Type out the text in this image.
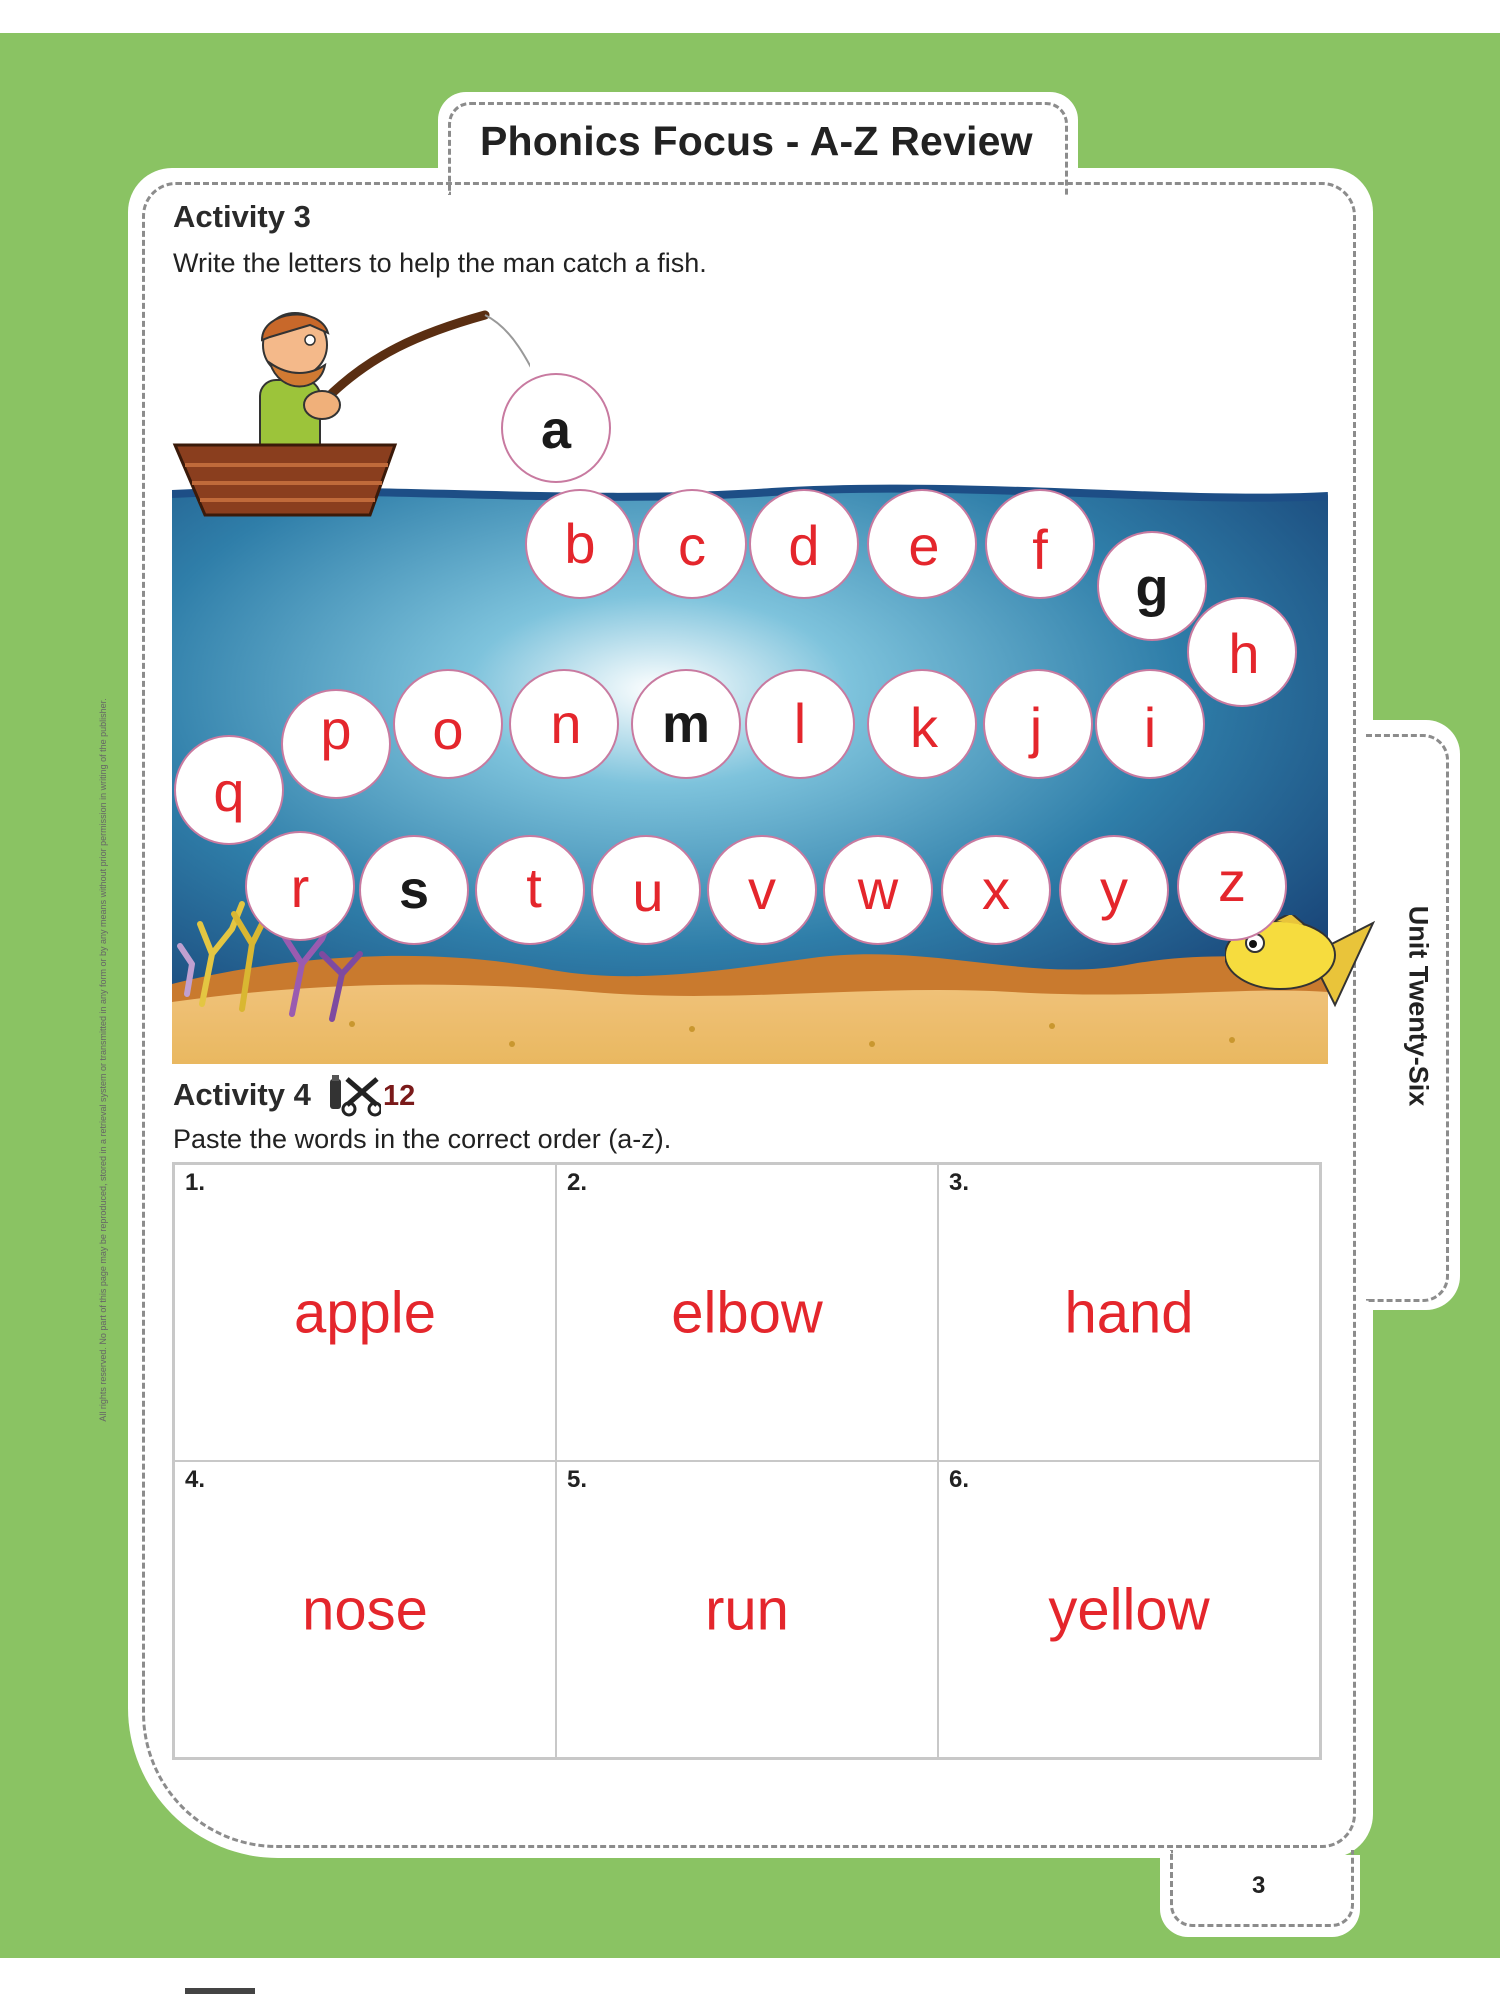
Phonics Focus - A-Z Review
Unit Twenty-Six
3
All rights reserved. No part of this page may be reproduced, stored in a retrieval system or transmitted in any form or by any means without prior permission in writing of the publisher.
Activity 3
Write the letters to help the man catch a fish.
a
b c d e f
g
h
i
j
k
l
m
n
o
p
q
r s t u v w x y z
Activity 4 12
Paste the words in the correct order (a-z).
1.
apple
2.
elbow
3.
hand
4.
nose
5.
run
6.
yellow
